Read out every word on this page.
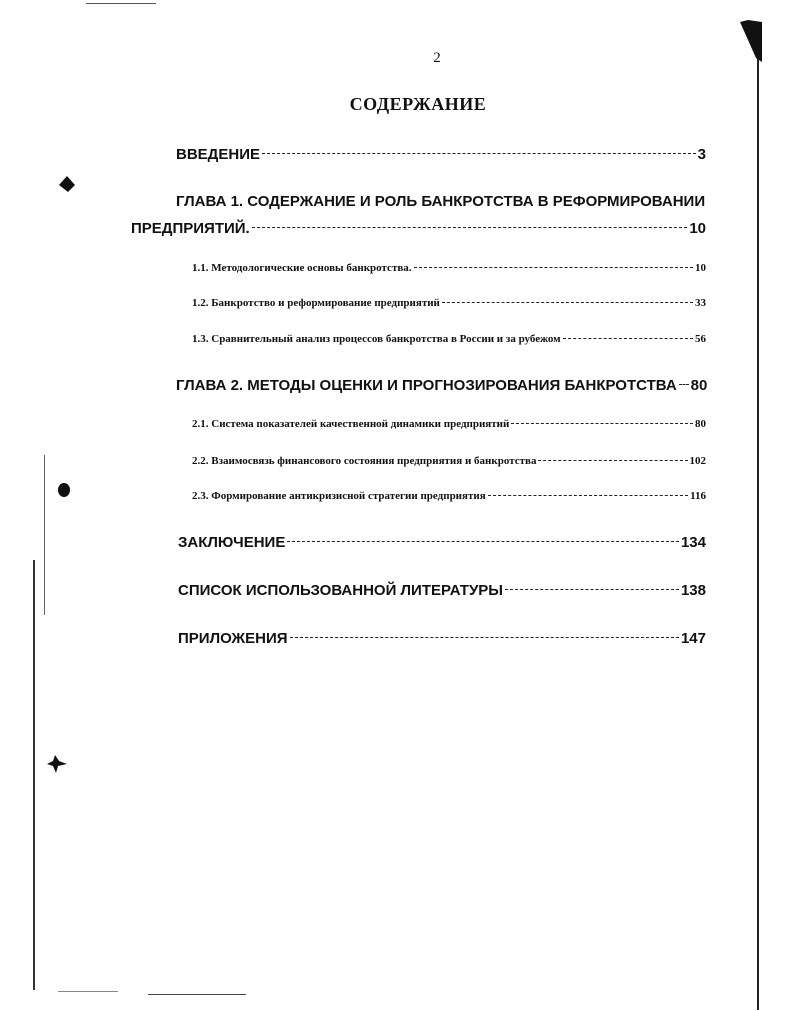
2
СОДЕРЖАНИЕ
ВВЕДЕНИЕ	3
ГЛАВА 1. СОДЕРЖАНИЕ И РОЛЬ БАНКРОТСТВА В РЕФОРМИРОВАНИИ
ПРЕДПРИЯТИЙ.	10
1.1. Методологические основы банкротства.	10
1.2. Банкротство и реформирование предприятий	33
1.3. Сравнительный анализ процессов банкротства в России и за рубежом	56
ГЛАВА 2. МЕТОДЫ ОЦЕНКИ И ПРОГНОЗИРОВАНИЯ БАНКРОТСТВА 80
2.1. Система показателей качественной динамики предприятий	80
2.2. Взаимосвязь финансового состояния предприятия и банкротства	102
2.3. Формирование антикризисной стратегии предприятия	116
ЗАКЛЮЧЕНИЕ	134
СПИСОК ИСПОЛЬЗОВАННОЙ ЛИТЕРАТУРЫ	138
ПРИЛОЖЕНИЯ	147
